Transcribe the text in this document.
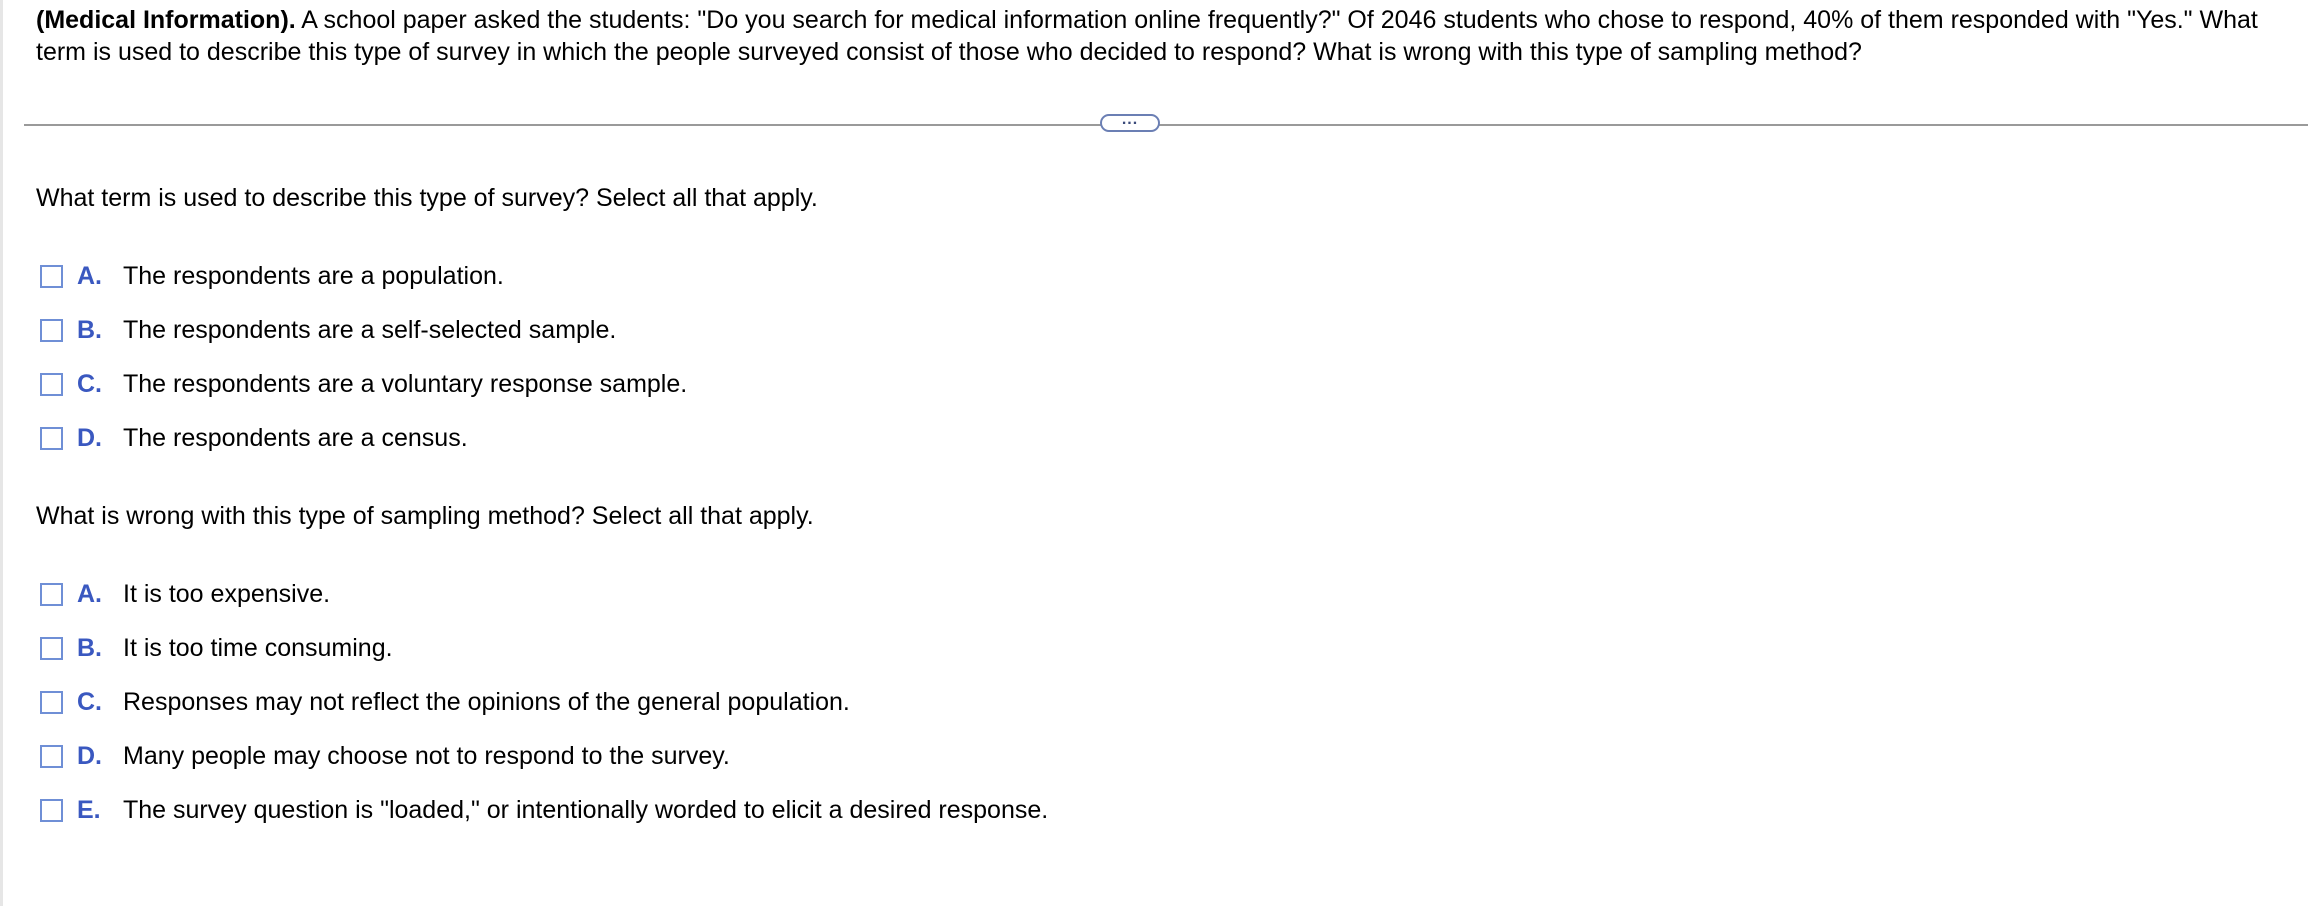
(Medical Information). A school paper asked the students: "Do you search for medical information online frequently?" Of 2046 students who chose to respond, 40% of them responded with "Yes." What term is used to describe this type of survey in which the people surveyed consist of those who decided to respond? What is wrong with this type of sampling method?
...
What term is used to describe this type of survey? Select all that apply.
A. The respondents are a population.
B. The respondents are a self-selected sample.
C. The respondents are a voluntary response sample.
D. The respondents are a census.
What is wrong with this type of sampling method? Select all that apply.
A. It is too expensive.
B. It is too time consuming.
C. Responses may not reflect the opinions of the general population.
D. Many people may choose not to respond to the survey.
E. The survey question is "loaded," or intentionally worded to elicit a desired response.
